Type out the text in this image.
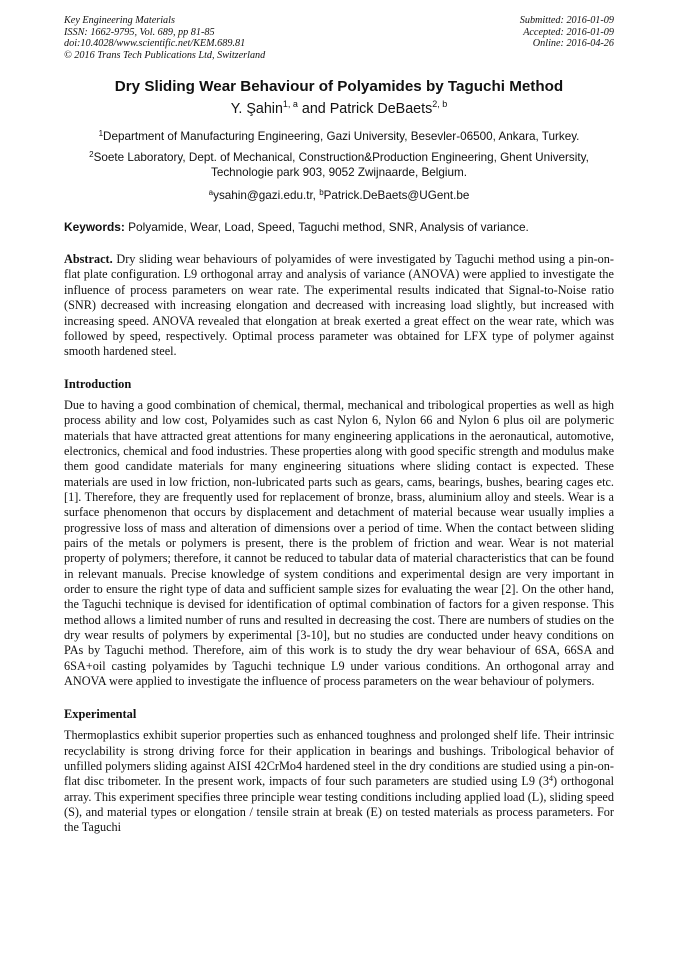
Key Engineering Materials
ISSN: 1662-9795, Vol. 689, pp 81-85
doi:10.4028/www.scientific.net/KEM.689.81
© 2016 Trans Tech Publications Ltd, Switzerland
Submitted: 2016-01-09
Accepted: 2016-01-09
Online: 2016-04-26
Dry Sliding Wear Behaviour of Polyamides by Taguchi Method
Y. Şahin$^{1, a}$ and Patrick DeBaets$^{2, b}$
$^1$Department of Manufacturing Engineering, Gazi University, Besevler-06500, Ankara, Turkey.
$^2$Soete Laboratory, Dept. of Mechanical, Construction&Production Engineering, Ghent University, Technologie park 903, 9052 Zwijnaarde, Belgium.
$^a$ysahin@gazi.edu.tr, $^b$Patrick.DeBaets@UGent.be
Keywords: Polyamide, Wear, Load, Speed, Taguchi method, SNR, Analysis of variance.
Abstract. Dry sliding wear behaviours of polyamides of were investigated by Taguchi method using a pin-on-flat plate configuration. L9 orthogonal array and analysis of variance (ANOVA) were applied to investigate the influence of process parameters on wear rate. The experimental results indicated that Signal-to-Noise ratio (SNR) decreased with increasing elongation and decreased with increasing load slightly, but increased with increasing speed. ANOVA revealed that elongation at break exerted a great effect on the wear rate, which was followed by speed, respectively. Optimal process parameter was obtained for LFX type of polymer against smooth hardened steel.
Introduction
Due to having a good combination of chemical, thermal, mechanical and tribological properties as well as high process ability and low cost, Polyamides such as cast Nylon 6, Nylon 66 and Nylon 6 plus oil are polymeric materials that have attracted great attentions for many engineering applications in the aeronautical, automotive, electronics, chemical and food industries. These properties along with good specific strength and modulus make them good candidate materials for many engineering situations where sliding contact is expected. These materials are used in low friction, non-lubricated parts such as gears, cams, bearings, bushes, bearing cages etc. [1]. Therefore, they are frequently used for replacement of bronze, brass, aluminium alloy and steels. Wear is a surface phenomenon that occurs by displacement and detachment of material because wear usually implies a progressive loss of mass and alteration of dimensions over a period of time. When the contact between sliding pairs of the metals or polymers is present, there is the problem of friction and wear. Wear is not material property of polymers; therefore, it cannot be reduced to tabular data of material characteristics that can be found in relevant manuals. Precise knowledge of system conditions and experimental design are very important in order to ensure the right type of data and sufficient sample sizes for evaluating the wear [2]. On the other hand, the Taguchi technique is devised for identification of optimal combination of factors for a given response. This method allows a limited number of runs and resulted in decreasing the cost. There are numbers of studies on the dry wear results of polymers by experimental [3-10], but no studies are conducted under heavy conditions on PAs by Taguchi method. Therefore, aim of this work is to study the dry wear behaviour of 6SA, 66SA and 6SA+oil casting polyamides by Taguchi technique L9 under various conditions. An orthogonal array and ANOVA were applied to investigate the influence of process parameters on the wear behaviour of polymers.
Experimental
Thermoplastics exhibit superior properties such as enhanced toughness and prolonged shelf life. Their intrinsic recyclability is strong driving force for their application in bearings and bushings. Tribological behavior of unfilled polymers sliding against AISI 42CrMo4 hardened steel in the dry conditions are studied using a pin-on-flat disc tribometer. In the present work, impacts of four such parameters are studied using L9 $(3^4)$ orthogonal array. This experiment specifies three principle wear testing conditions including applied load (L), sliding speed (S), and material types or elongation / tensile strain at break (E) on tested materials as process parameters. For the Taguchi
